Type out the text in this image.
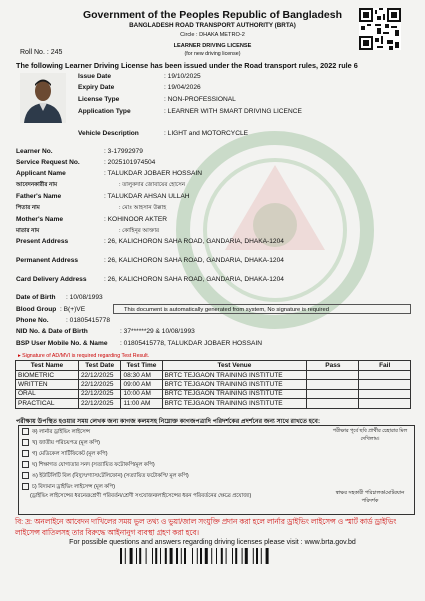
Government of the Peoples Republic of Bangladesh
BANGLADESH ROAD TRANSPORT AUTHORITY (BRTA)
Circle : DHAKA METRO-2
LEARNER DRIVING LICENSE
(for new driving license)
Roll No. : 245
The following Learner Driving License has been issued under the Road transport rules, 2022 rule 6
Issue Date	: 19/10/2025
Expiry Date	: 19/04/2026
License Type	: NON-PROFESSIONAL
Application Type	: LEARNER WITH SMART DRIVING LICENCE
Vehicle Description	: LIGHT and MOTORCYCLE
Learner No.	: 3-17992979
Service Request No.	: 2025101974504
Applicant Name	: TALUKDAR JOBAER HOSSAIN
আবেদনকারীর নাম	: তালুকদার জোবায়ের হোসেন
Father's Name	: TALUKDAR AHSAN ULLAH
পিতার নাম	: মোঃ আহসান উল্লাহ
Mother's Name	: KOHINOOR AKTER
মাতার নাম	: কোহিনূর আক্তার
Present Address	: 26, KALICHORON SAHA ROAD, GANDARIA, DHAKA-1204
Permanent Address	: 26, KALICHORON SAHA ROAD, GANDARIA, DHAKA-1204
Card Delivery Address	: 26, KALICHORON SAHA ROAD, GANDARIA, DHAKA-1204
Date of Birth : 10/08/1993
Blood Group : B(+)VE	This document is automatically generated from system, No signature is required
Phone No.	: 01805415778
NID No. & Date of Birth	: 37******29 & 10/08/1993
BSP User Mobile No. & Name : 01805415778, TALUKDAR JOBAER HOSSAIN
▸ Signature of AD/MVI is required regarding Test Result.
Test Name	Test Date	Test Time	Test Venue	Pass	Fail
BIOMETRIC	22/12/2025	08:30 AM	BRTC TEJGAON TRAINING INSTITUTE		
WRITTEN	22/12/2025	09:00 AM	BRTC TEJGAON TRAINING INSTITUTE		
ORAL	22/12/2025	10:00 AM	BRTC TEJGAON TRAINING INSTITUTE		
PRACTICAL	22/12/2025	11:00 AM	BRTC TEJGAON TRAINING INSTITUTE		
পরীক্ষায় উপস্থিত হওয়ার সময় লেখক জন্য কাগজ কলমসহ নিম্নোক্ত কাগজপত্রাদি পরিদর্শকের প্রদর্শনের জন্য সাথে রাখতে হবে:
ক) লার্নার ড্রাইভিং লাইসেন্স
খ) জাতীয় পরিচয়পত্র (মূল কপি)
গ) মেডিকেল সার্টিফিকেট (মূল কপি)
ঘ) শিক্ষাগত যোগ্যতার সনদ (সত্যায়িত ফটোকপি/মূল কপি)
ঙ) ইউটিলিটি বিল (বিদ্যুৎ/গ্যাস/টেলিফোন) (সত্যায়িত ফটোকপি/ মূল কপি)
চ) বিদ্যমান ড্রাইভিং লাইসেন্স (মূল কপি)
(ড্রাইভিং লাইসেন্সের ধরনের/শ্রেণী পরিবর্তন/শ্রেণী সংযোজন/লাইসেন্সের ধরন পরিবর্তনের ক্ষেত্রে প্রযোজ্য)
পরীক্ষার পূর্বে ছবি প্রার্থীর চেহারার মিল দেখিলাম।
স্বাক্ষর সহকারী পরিচালক/মোটরযান পরিদর্শক
বি: দ্র: অনলাইনে আবেদন দাখিলের সময় ভুল তথ্য ও ভুয়া/জাল সংযুক্তি প্রদান করা হলে লার্নার ড্রাইভিং লাইসেন্স ও স্মার্ট কার্ড ড্রাইভিং লাইসেন্স বাতিলসহ তার বিরুদ্ধে আইনানুগ ব্যবস্থা গ্রহণ করা হবে।
For possible questions and answers regarding driving licenses please visit : www.brta.gov.bd
